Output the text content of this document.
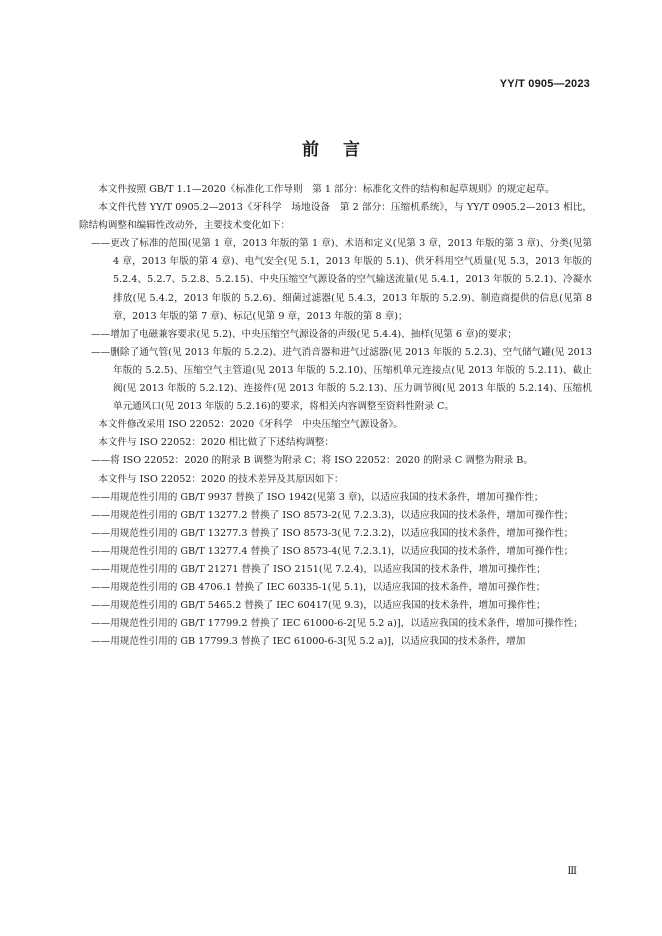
YY/T 0905—2023
前言

本文件按照 GB/T 1.1—2020《标准化工作导则　第 1 部分：标准化文件的结构和起草规则》的规定起草。

本文件代替 YY/T 0905.2—2013《牙科学　场地设备　第 2 部分：压缩机系统》，与 YY/T 0905.2—2013 相比，除结构调整和编辑性改动外，主要技术变化如下：

——更改了标准的范围(见第 1 章，2013 年版的第 1 章)、术语和定义(见第 3 章，2013 年版的第 3 章)、分类(见第 4 章，2013 年版的第 4 章)、电气安全(见 5.1，2013 年版的 5.1)、供牙科用空气质量(见 5.3，2013 年版的 5.2.4、5.2.7、5.2.8、5.2.15)、中央压缩空气源设备的空气输送流量(见 5.4.1，2013 年版的 5.2.1)、冷凝水排放(见 5.4.2，2013 年版的 5.2.6)、细菌过滤器(见 5.4.3，2013 年版的 5.2.9)、制造商提供的信息(见第 8 章，2013 年版的第 7 章)、标记(见第 9 章，2013 年版的第 8 章)；

——增加了电磁兼容要求(见 5.2)、中央压缩空气源设备的声级(见 5.4.4)、抽样(见第 6 章)的要求；

——删除了通气管(见 2013 年版的 5.2.2)、进气消音器和进气过滤器(见 2013 年版的 5.2.3)、空气储气罐(见 2013 年版的 5.2.5)、压缩空气主管道(见 2013 年版的 5.2.10)、压缩机单元连接点(见 2013 年版的 5.2.11)、截止阀(见 2013 年版的 5.2.12)、连接件(见 2013 年版的 5.2.13)、压力调节阀(见 2013 年版的 5.2.14)、压缩机单元通风口(见 2013 年版的 5.2.16)的要求，将相关内容调整至资料性附录 C。

本文件修改采用 ISO 22052：2020《牙科学　中央压缩空气源设备》。

本文件与 ISO 22052：2020 相比做了下述结构调整：

——将 ISO 22052：2020 的附录 B 调整为附录 C；将 ISO 22052：2020 的附录 C 调整为附录 B。

本文件与 ISO 22052：2020 的技术差异及其原因如下：

——用规范性引用的 GB/T 9937 替换了 ISO 1942(见第 3 章)，以适应我国的技术条件，增加可操作性；

——用规范性引用的 GB/T 13277.2 替换了 ISO 8573-2(见 7.2.3.3)，以适应我国的技术条件，增加可操作性；

——用规范性引用的 GB/T 13277.3 替换了 ISO 8573-3(见 7.2.3.2)，以适应我国的技术条件，增加可操作性；

——用规范性引用的 GB/T 13277.4 替换了 ISO 8573-4(见 7.2.3.1)，以适应我国的技术条件，增加可操作性；

——用规范性引用的 GB/T 21271 替换了 ISO 2151(见 7.2.4)，以适应我国的技术条件，增加可操作性；

——用规范性引用的 GB 4706.1 替换了 IEC 60335-1(见 5.1)，以适应我国的技术条件，增加可操作性；

——用规范性引用的 GB/T 5465.2 替换了 IEC 60417(见 9.3)，以适应我国的技术条件，增加可操作性；

——用规范性引用的 GB/T 17799.2 替换了 IEC 61000-6-2[见 5.2 a)]，以适应我国的技术条件，增加可操作性；

——用规范性引用的 GB 17799.3 替换了 IEC 61000-6-3[见 5.2 a)]，以适应我国的技术条件，增加

Ⅲ
